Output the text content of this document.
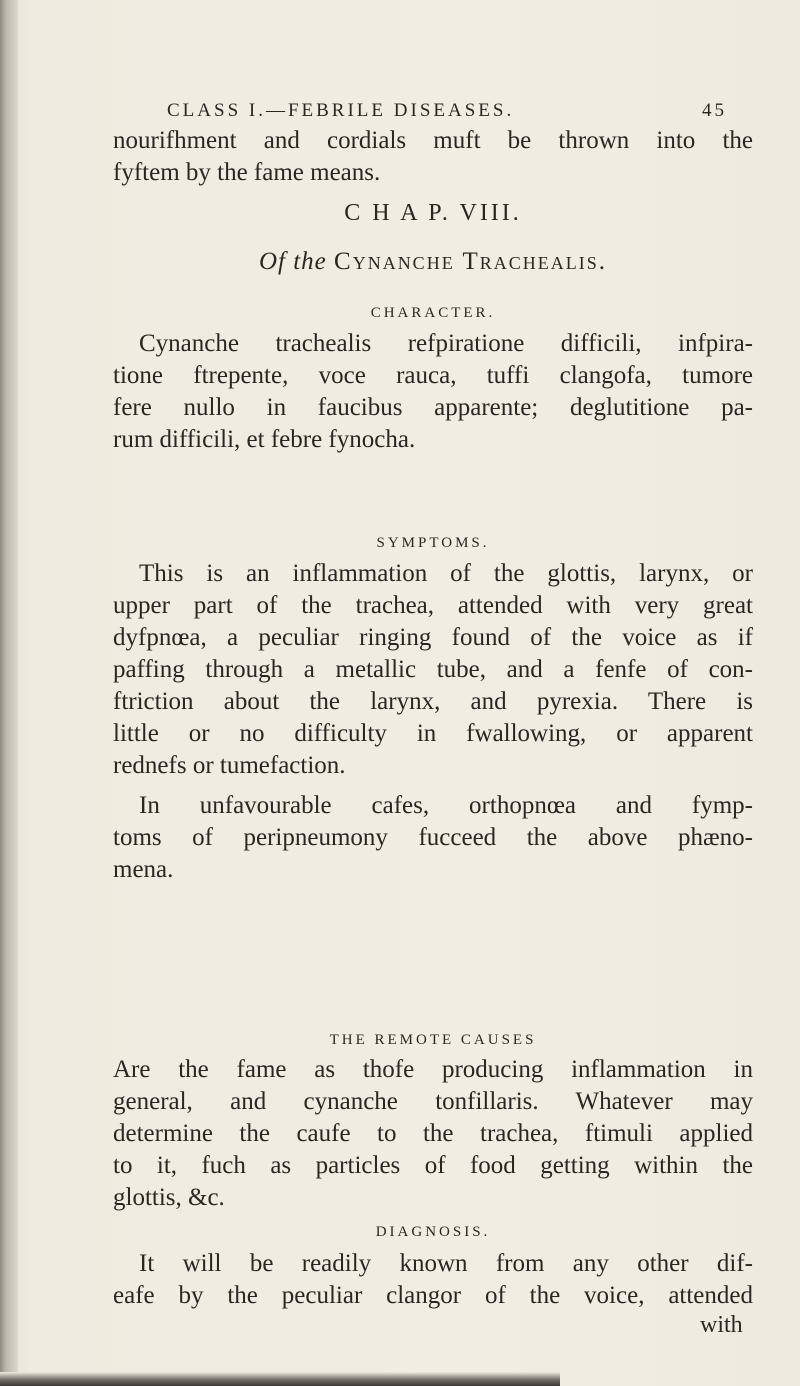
CLASS I.—FEBRILE DISEASES.	45
nourifhment and cordials muft be thrown into the
fyftem by the fame means.
C H A P. VIII.
Of the Cynanche Trachealis.
CHARACTER.
Cynanche trachealis refpiratione difficili, infpira-
tione ftrepente, voce rauca, tuffi clangofa, tumore
fere nullo in faucibus apparente; deglutitione pa-
rum difficili, et febre fynocha.
SYMPTOMS.
This is an inflammation of the glottis, larynx, or
upper part of the trachea, attended with very great
dyfpnœa, a peculiar ringing found of the voice as if
paffing through a metallic tube, and a fenfe of con-
ftriction about the larynx, and pyrexia. There is
little or no difficulty in fwallowing, or apparent
rednefs or tumefaction.
In unfavourable cafes, orthopnœa and fymp-
toms of peripneumony fucceed the above phæno-
mena.
THE REMOTE CAUSES
Are the fame as thofe producing inflammation in
general, and cynanche tonfillaris. Whatever may
determine the caufe to the trachea, ftimuli applied
to it, fuch as particles of food getting within the
glottis, &c.
DIAGNOSIS.
It will be readily known from any other dif-
eafe by the peculiar clangor of the voice, attended
with
